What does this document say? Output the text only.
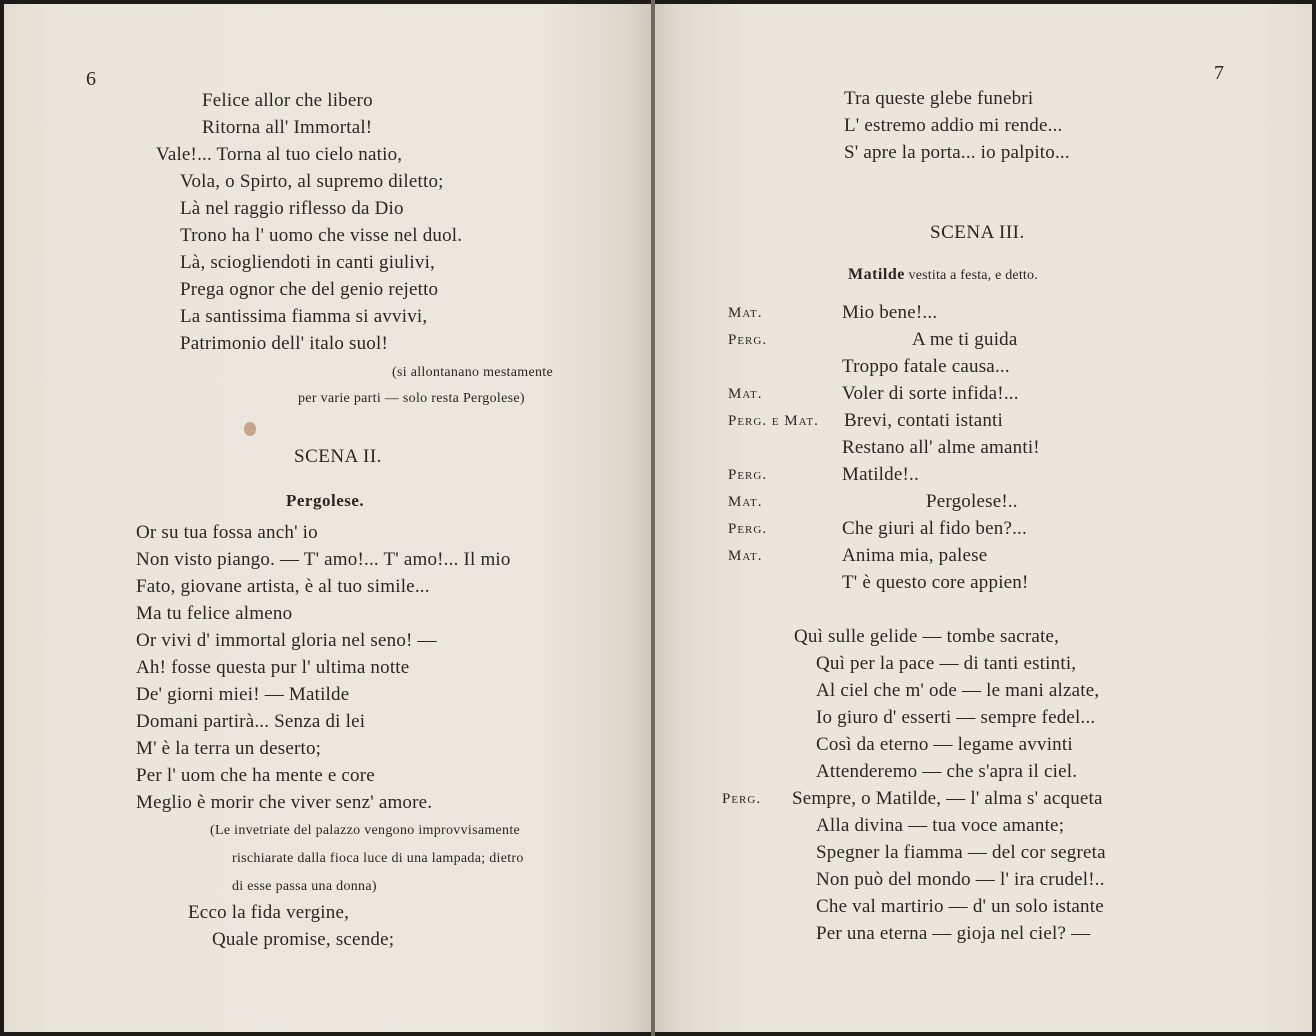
6
Felice allor che libero
Ritorna all' Immortal!
Vale!... Torna al tuo cielo natio,
Vola, o Spirto, al supremo diletto;
Là nel raggio riflesso da Dio
Trono ha l' uomo che visse nel duol.
Là, sciogliendoti in canti giulivi,
Prega ognor che del genio rejetto
La santissima fiamma si avvivi,
Patrimonio dell' italo suol!
(si allontanano mestamente
per varie parti — solo resta Pergolese)
SCENA II.
Pergolese.
Or su tua fossa anch' io
Non visto piango. — T' amo!... T' amo!... Il mio
Fato, giovane artista, è al tuo simile...
Ma tu felice almeno
Or vivi d' immortal gloria nel seno! —
Ah! fosse questa pur l' ultima notte
De' giorni miei! — Matilde
Domani partirà... Senza di lei
M' è la terra un deserto;
Per l' uom che ha mente e core
Meglio è morir che viver senz' amore.
(Le invetriate del palazzo vengono improvvisamente
rischiarate dalla fioca luce di una lampada; dietro
di esse passa una donna)
Ecco la fida vergine,
Quale promise, scende;
7
Tra queste glebe funebri
L' estremo addio mi rende...
S' apre la porta... io palpito...
SCENA III.
Matilde vestita a festa, e detto.
Mat.
Perg.
Mat.
Perg. e Mat.
Perg.
Mat.
Perg.
Mat.
Mio bene!...
A me ti guida
Troppo fatale causa...
Voler di sorte infida!...
Brevi, contati istanti
Restano all' alme amanti!
Matilde!..
Pergolese!..
Che giuri al fido ben?...
Anima mia, palese
T' è questo core appien!
Quì sulle gelide — tombe sacrate,
Quì per la pace — di tanti estinti,
Al ciel che m' ode — le mani alzate,
Io giuro d' esserti — sempre fedel...
Così da eterno — legame avvinti
Attenderemo — che s'apra il ciel.
Perg. Sempre, o Matilde, — l' alma s' acqueta
Alla divina — tua voce amante;
Spegner la fiamma — del cor segreta
Non può del mondo — l' ira crudel!..
Che val martirio — d' un solo istante
Per una eterna — gioja nel ciel? —
